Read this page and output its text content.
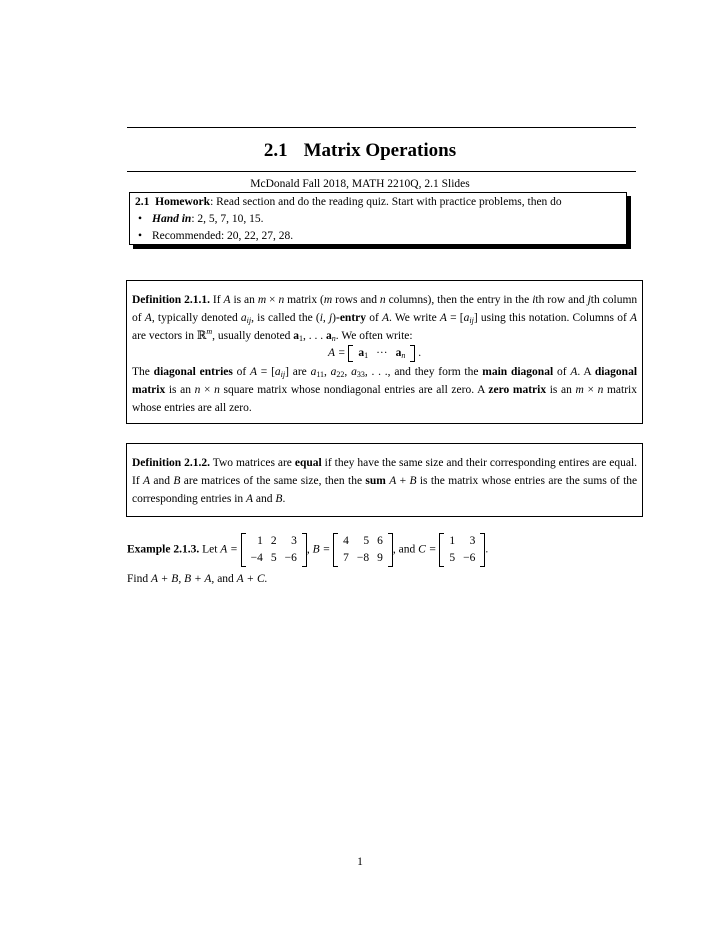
2.1 Matrix Operations
McDonald Fall 2018, MATH 2210Q, 2.1 Slides
2.1 Homework: Read section and do the reading quiz. Start with practice problems, then do
• Hand in: 2, 5, 7, 10, 15.
• Recommended: 20, 22, 27, 28.
Definition 2.1.1. If A is an m × n matrix (m rows and n columns), then the entry in the ith row and jth column of A, typically denoted $a_{ij}$, is called the (i, j)-entry of A. We write $A = [a_{ij}]$ using this notation. Columns of A are vectors in ℝ$^m$, usually denoted $a_1$, . . . $a_n$. We often write:
$A = a_1$	···	$a_n$ .
The diagonal entries of $A = [a_{ij}]$ are $a_{11}$, $a_{22}$, $a_{33}$, . . ., and they form the main diagonal of A. A diagonal matrix is an n × n square matrix whose nondiagonal entries are all zero. A zero matrix is an m × n matrix whose entries are all zero.
Definition 2.1.2. Two matrices are equal if they have the same size and their corresponding entires are equal. If A and B are matrices of the same size, then the sum A + B is the matrix whose entries are the sums of the corresponding entries in A and B.
Example 2.1.3. Let A =
1	2	3
−4	5	−6
, B =
4	5	6
7	−8	9
, and C =
1	3
5	−6
.
Find A + B, B + A, and A + C.
1
